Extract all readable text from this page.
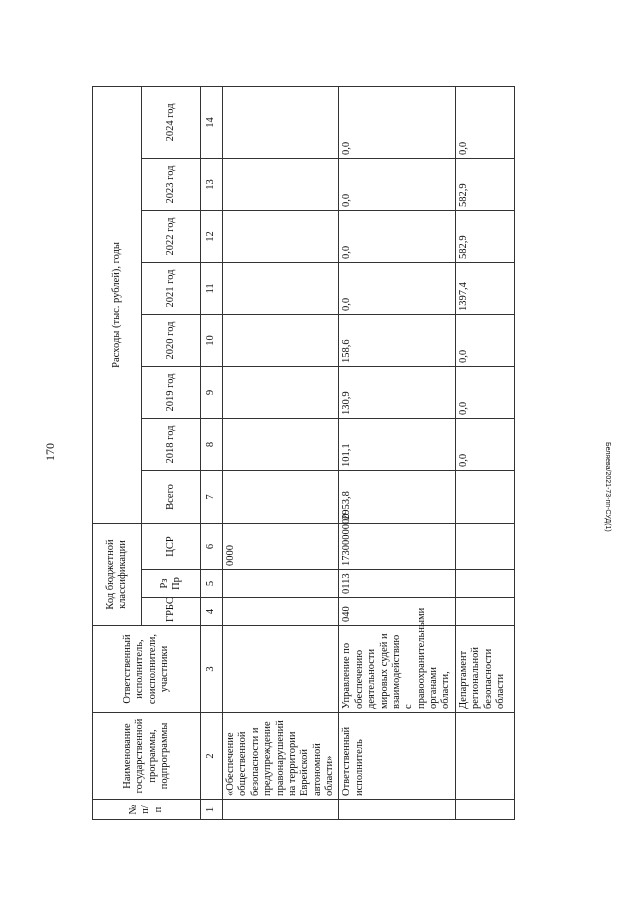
170	Беляева/2021-73-пп-СУД(1)
№ п/п	Наименование государственной программы, подпрограммы	Ответственный исполнитель, соисполнители, участники	Код бюджетной классификации			Расходы (тыс. рублей), годы							
			ГРБС	Рз Пр	ЦСР	Всего	2018 год	2019 год	2020 год	2021 год	2022 год	2023 год	2024 год
1	2	3	4	5	6	7	8	9	10	11	12	13	14
	«Обеспечение общественной безопасности и предупреждение правонарушений на территории Еврейской автономной области»				0000								
	Ответственный исполнитель	Управление по обеспечению деятельности мировых судей и взаимодействию с правоохранительными органами области,	040	0113	1730000000	2953,8	101,1	130,9	158,6	0,0	0,0	0,0	0,0
		Департамент региональной безопасности области					0,0	0,0	0,0	1397,4	582,9	582,9	0,0
